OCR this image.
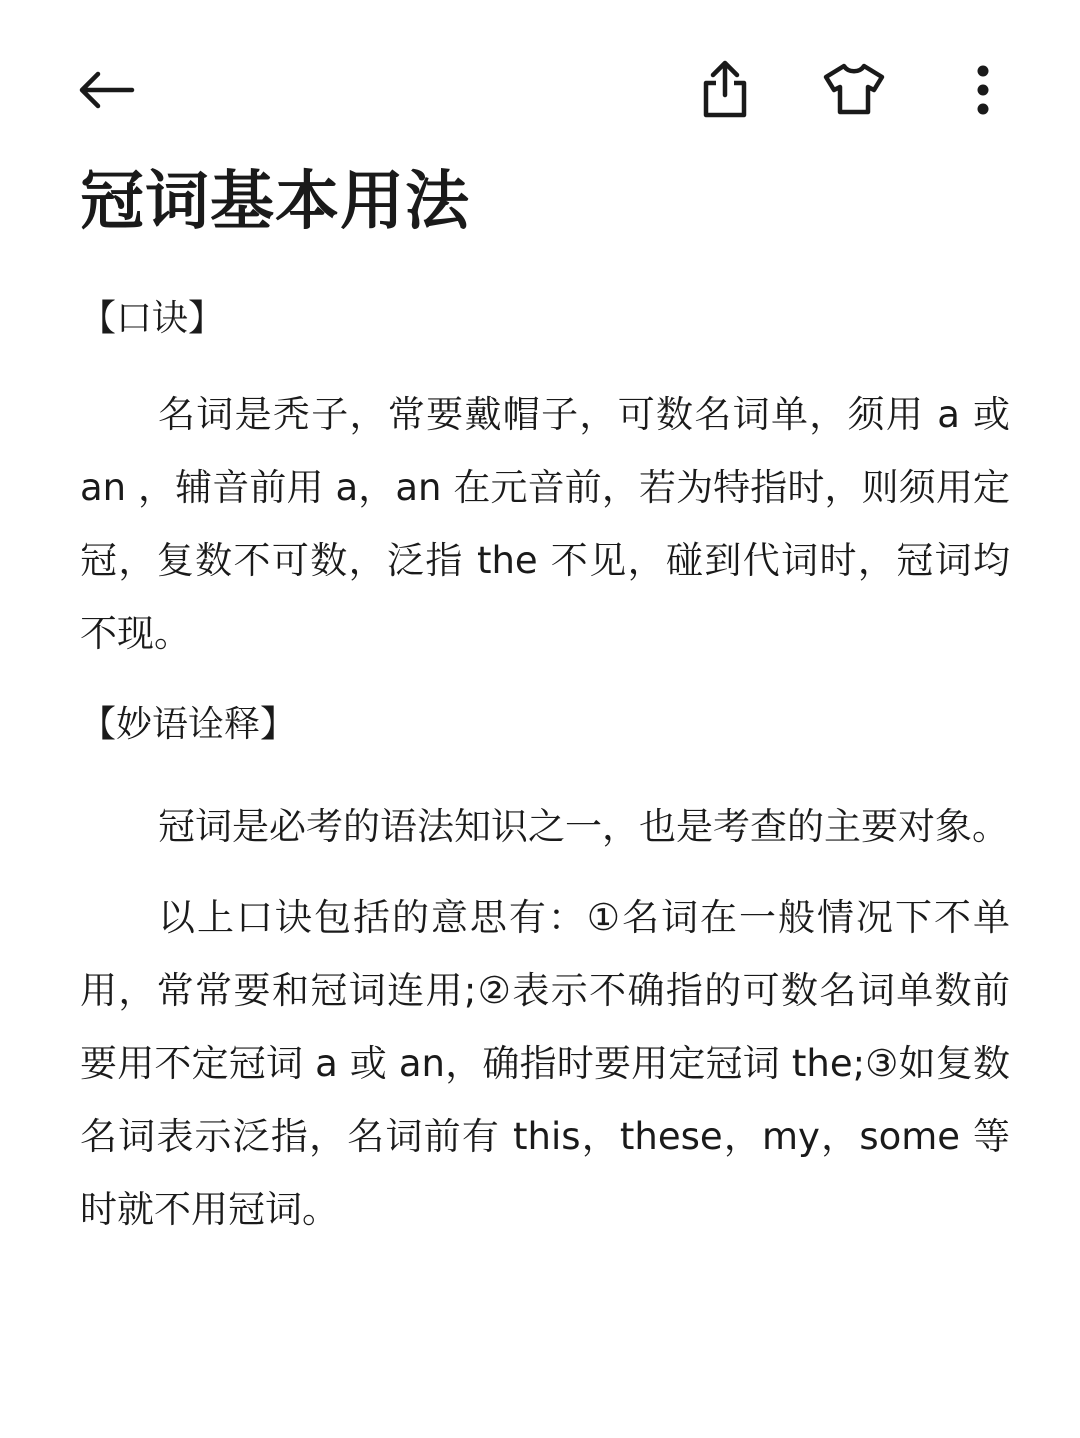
冠词基本用法
【口诀】

名词是秃子，常要戴帽子，可数名词单，须用 a 或 an ，辅音前用 a，an 在元音前，若为特指时，则须用定冠，复数不可数，泛指 the 不见，碰到代词时，冠词均不现。

【妙语诠释】

冠词是必考的语法知识之一，也是考查的主要对象。

以上口诀包括的意思有：①名词在一般情况下不单用，常常要和冠词连用;②表示不确指的可数名词单数前要用不定冠词 a 或 an，确指时要用定冠词 the;③如复数名词表示泛指，名词前有 this，these，my，some 等时就不用冠词。
